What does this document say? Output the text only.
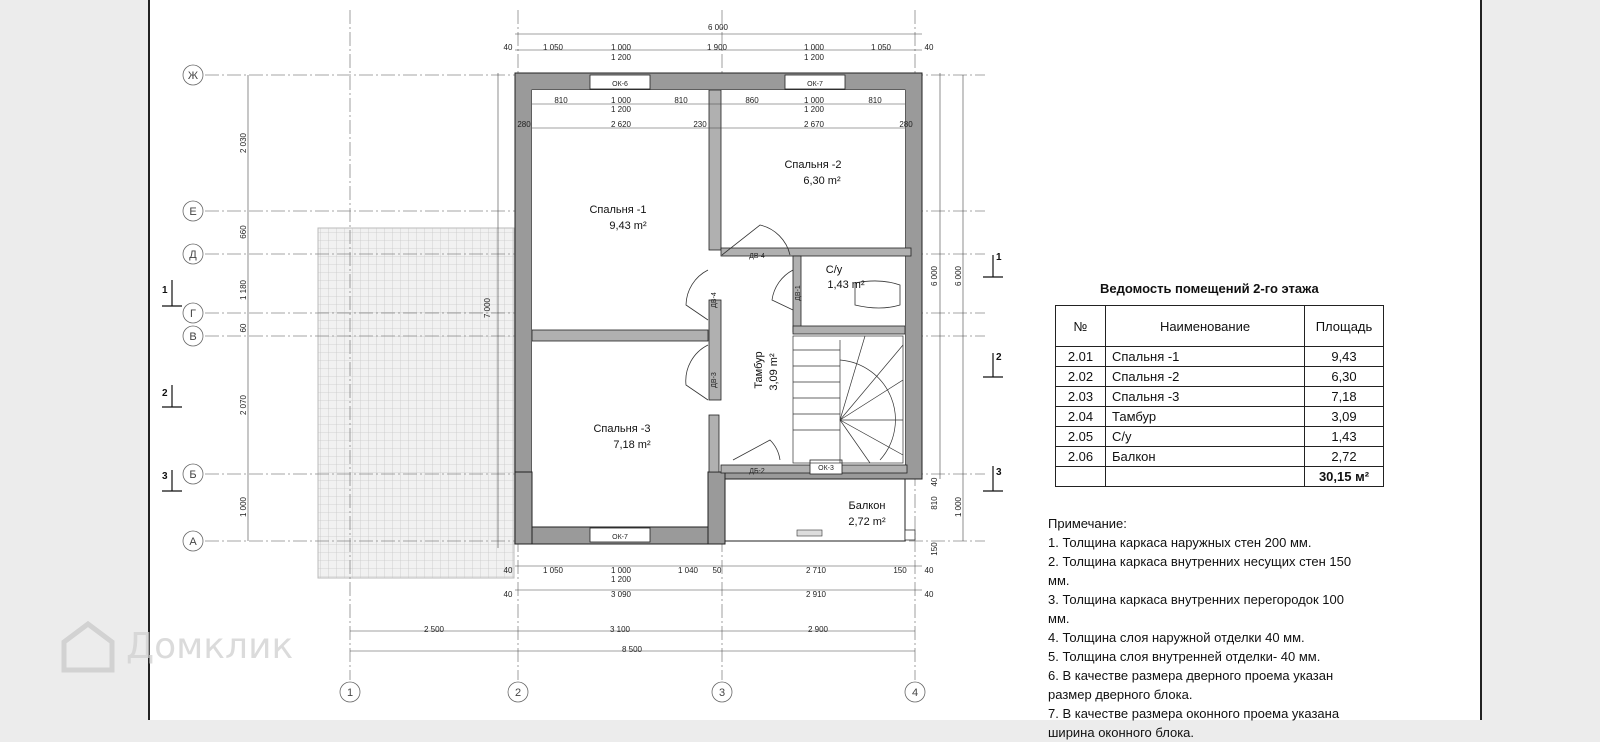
ОК-6	ОК-7
ОК-7
ОК-3
ДВ-4
ДВ-4
ДВ-3
ДВ-1
ДБ-2
Спальня -1
9,43 m²
Спальня -2
6,30 m²
Спальня -3
7,18 m²
С/у
1,43 m²
Балкон
2,72 m²
Тамбур 3,09 m²
6 000
40	1 050	1 000	1 900	1 000	1 050	40
1 200	1 200
810	1 000	810	860	1 000	810
1 200	1 200
280	2 620	230	2 670	280
40	1 050	1 000	1 040 50	2 710	150 40
1 200
40	3 090	2 910	40
2 500	3 100	2 900
8 500
2 030
660
1 180
60
2 070
1 000
7 000
6 000 6 000
1 000
810
40
150
1	2	3	4
Ж
Е
Д
Г
В
Б
А
1
2
3
1
2
3
Домклик
Ведомость помещений 2-го этажа
№	Наименование	Площадь
2.01	Спальня -1	9,43
2.02	Спальня -2	6,30
2.03	Спальня -3	7,18
2.04	Тамбур	3,09
2.05	С/у	1,43
2.06	Балкон	2,72
		30,15 м²

Примечание:

1. Толщина каркаса наружных стен 200 мм.

2. Толщина каркаса внутренних несущих стен 150 мм.

3. Толщина каркаса внутренних перегородок 100 мм.

4. Толщина слоя наружной отделки 40 мм.

5. Толщина слоя внутренней отделки- 40 мм.

6. В качестве размера дверного проема указан размер дверного блока.

7. В качестве размера оконного проема указана ширина оконного блока.
